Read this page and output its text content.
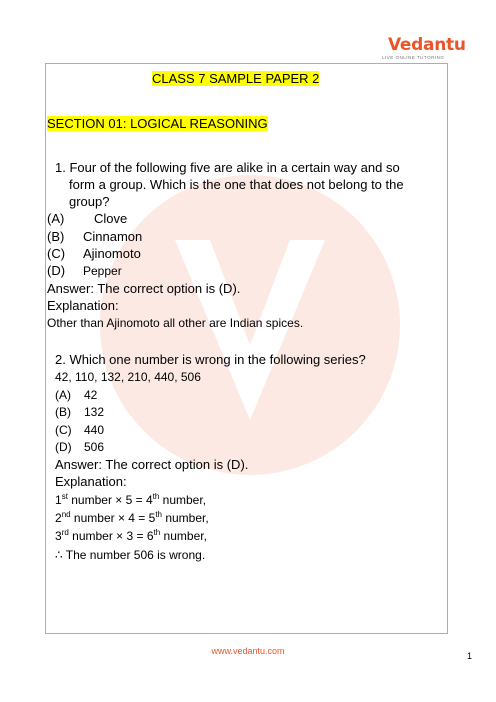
Vedantu
LIVE ONLINE TUTORING
CLASS 7 SAMPLE PAPER 2
SECTION 01: LOGICAL REASONING
1. Four of the following five are alike in a certain way and so
form a group. Which is the one that does not belong to the
group?
(A) Clove
(B) Cinnamon
(C) Ajinomoto
(D) Pepper
Answer: The correct option is (D).
Explanation:
Other than Ajinomoto all other are Indian spices.
2. Which one number is wrong in the following series?
42, 110, 132, 210, 440, 506
(A) 42
(B) 132
(C) 440
(D) 506
Answer: The correct option is (D).
Explanation:
1st number × 5 = 4th number,
2nd number × 4 = 5th number,
3rd number × 3 = 6th number,
∴ The number 506 is wrong.
www.vedantu.com	1
